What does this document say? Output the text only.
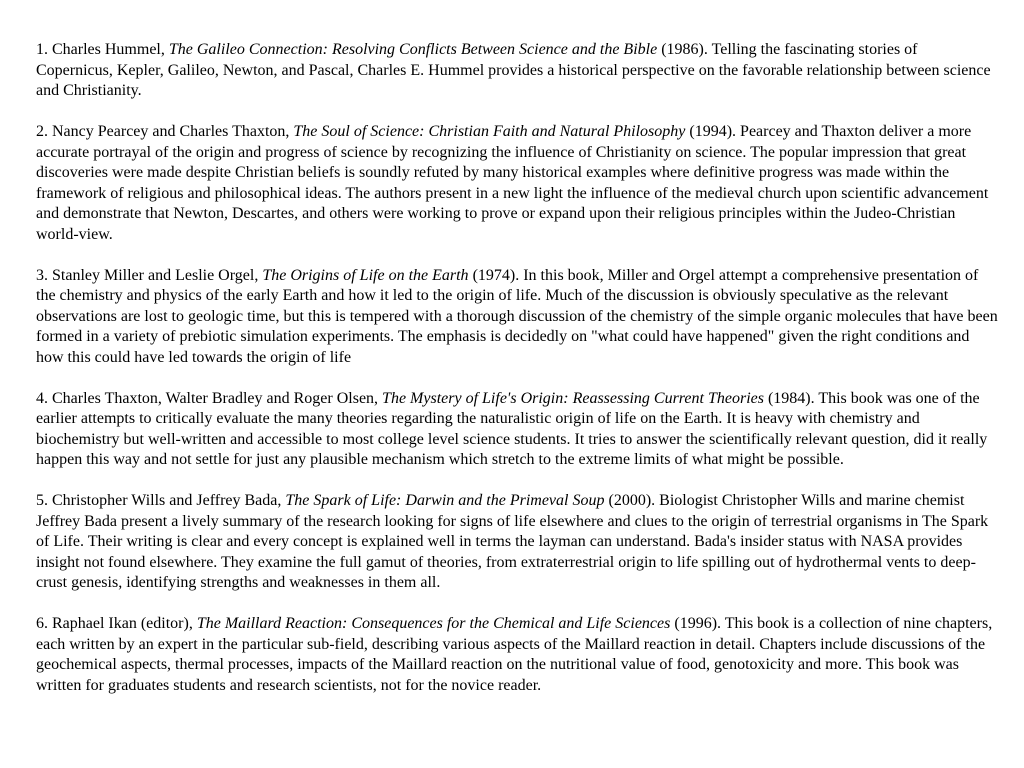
1. Charles Hummel, The Galileo Connection: Resolving Conflicts Between Science and the Bible (1986). Telling the fascinating stories of Copernicus, Kepler, Galileo, Newton, and Pascal, Charles E. Hummel provides a historical perspective on the favorable relationship between science and Christianity.

2. Nancy Pearcey and Charles Thaxton, The Soul of Science: Christian Faith and Natural Philosophy (1994). Pearcey and Thaxton deliver a more accurate portrayal of the origin and progress of science by recognizing the influence of Christianity on science. The popular impression that great discoveries were made despite Christian beliefs is soundly refuted by many historical examples where definitive progress was made within the framework of religious and philosophical ideas. The authors present in a new light the influence of the medieval church upon scientific advancement and demonstrate that Newton, Descartes, and others were working to prove or expand upon their religious principles within the Judeo-Christian world-view.

3. Stanley Miller and Leslie Orgel, The Origins of Life on the Earth (1974). In this book, Miller and Orgel attempt a comprehensive presentation of the chemistry and physics of the early Earth and how it led to the origin of life. Much of the discussion is obviously speculative as the relevant observations are lost to geologic time, but this is tempered with a thorough discussion of the chemistry of the simple organic molecules that have been formed in a variety of prebiotic simulation experiments. The emphasis is decidedly on "what could have happened" given the right conditions and how this could have led towards the origin of life

4. Charles Thaxton, Walter Bradley and Roger Olsen, The Mystery of Life's Origin: Reassessing Current Theories (1984). This book was one of the earlier attempts to critically evaluate the many theories regarding the naturalistic origin of life on the Earth. It is heavy with chemistry and biochemistry but well-written and accessible to most college level science students. It tries to answer the scientifically relevant question, did it really happen this way and not settle for just any plausible mechanism which stretch to the extreme limits of what might be possible.

5. Christopher Wills and Jeffrey Bada, The Spark of Life: Darwin and the Primeval Soup (2000). Biologist Christopher Wills and marine chemist Jeffrey Bada present a lively summary of the research looking for signs of life elsewhere and clues to the origin of terrestrial organisms in The Spark of Life. Their writing is clear and every concept is explained well in terms the layman can understand. Bada's insider status with NASA provides insight not found elsewhere. They examine the full gamut of theories, from extraterrestrial origin to life spilling out of hydrothermal vents to deep-crust genesis, identifying strengths and weaknesses in them all.

6. Raphael Ikan (editor), The Maillard Reaction: Consequences for the Chemical and Life Sciences (1996). This book is a collection of nine chapters, each written by an expert in the particular sub-field, describing various aspects of the Maillard reaction in detail. Chapters include discussions of the geochemical aspects, thermal processes, impacts of the Maillard reaction on the nutritional value of food, genotoxicity and more. This book was written for graduates students and research scientists, not for the novice reader.
